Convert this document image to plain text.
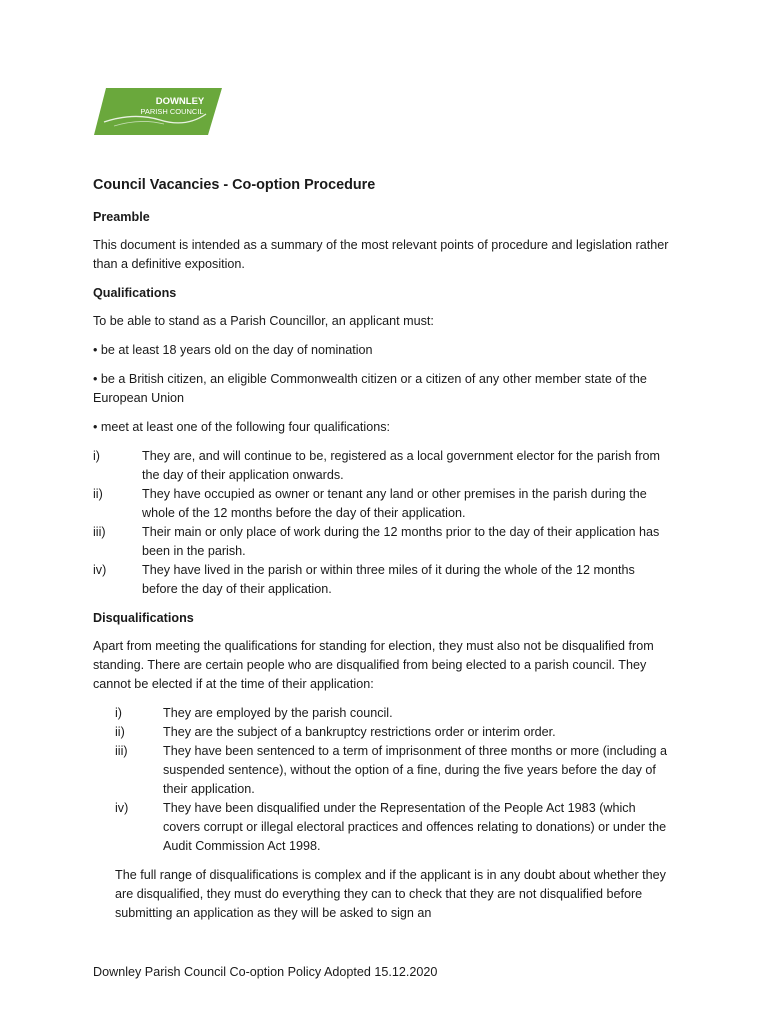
DOWNLEY
PARISH COUNCIL
Council Vacancies - Co-option Procedure
Preamble

This document is intended as a summary of the most relevant points of procedure and legislation rather than a definitive exposition.

Qualifications

To be able to stand as a Parish Councillor, an applicant must:

• be at least 18 years old on the day of nomination

• be a British citizen, an eligible Commonwealth citizen or a citizen of any other member state of the European Union

• meet at least one of the following four qualifications:

i)	They are, and will continue to be, registered as a local government elector for the parish from the day of their application onwards.
ii)	They have occupied as owner or tenant any land or other premises in the parish during the whole of the 12 months before the day of their application.
iii)	Their main or only place of work during the 12 months prior to the day of their application has been in the parish.
iv)	They have lived in the parish or within three miles of it during the whole of the 12 months before the day of their application.
Disqualifications

Apart from meeting the qualifications for standing for election, they must also not be disqualified from standing. There are certain people who are disqualified from being elected to a parish council. They cannot be elected if at the time of their application:

i)	They are employed by the parish council.
ii)	They are the subject of a bankruptcy restrictions order or interim order.
iii)	They have been sentenced to a term of imprisonment of three months or more (including a suspended sentence), without the option of a fine, during the five years before the day of their application.
iv)	They have been disqualified under the Representation of the People Act 1983 (which covers corrupt or illegal electoral practices and offences relating to donations) or under the Audit Commission Act 1998.

The full range of disqualifications is complex and if the applicant is in any doubt about whether they are disqualified, they must do everything they can to check that they are not disqualified before submitting an application as they will be asked to sign an

Downley Parish Council Co-option Policy Adopted 15.12.2020
